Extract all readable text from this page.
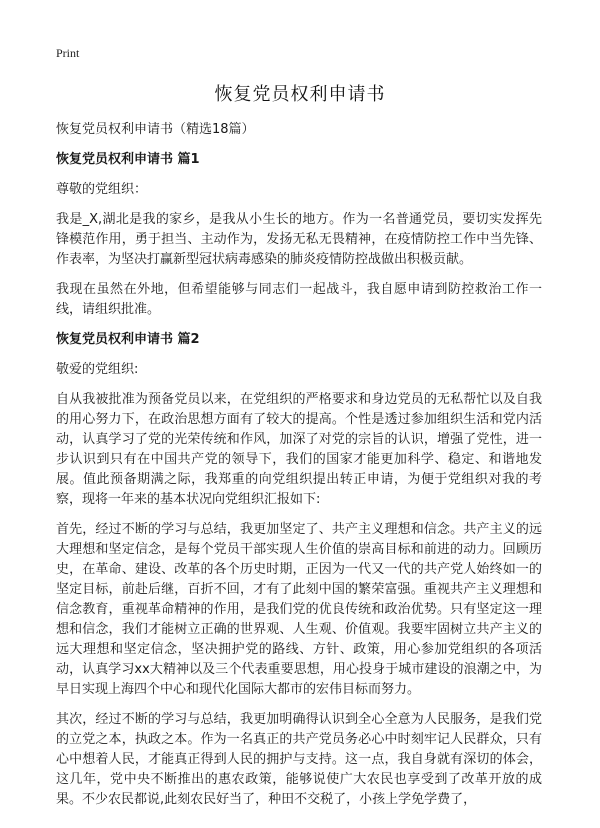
Print
恢复党员权利申请书

恢复党员权利申请书（精选18篇）

恢复党员权利申请书 篇1

尊敬的党组织：

我是_X,湖北是我的家乡，是我从小生长的地方。作为一名普通党员，要切实发挥先锋模范作用，勇于担当、主动作为，发扬无私无畏精神，在疫情防控工作中当先锋、作表率，为坚决打赢新型冠状病毒感染的肺炎疫情防控战做出积极贡献。

我现在虽然在外地，但希望能够与同志们一起战斗，我自愿申请到防控救治工作一线，请组织批准。

恢复党员权利申请书 篇2

敬爱的党组织:

自从我被批准为预备党员以来，在党组织的严格要求和身边党员的无私帮忙以及自我的用心努力下，在政治思想方面有了较大的提高。个性是透过参加组织生活和党内活动，认真学习了党的光荣传统和作风，加深了对党的宗旨的认识，增强了党性，进一步认识到只有在中国共产党的领导下，我们的国家才能更加科学、稳定、和谐地发展。值此预备期满之际，我郑重的向党组织提出转正申请，为便于党组织对我的考察，现将一年来的基本状况向党组织汇报如下:

首先，经过不断的学习与总结，我更加坚定了、共产主义理想和信念。共产主义的远大理想和坚定信念，是每个党员干部实现人生价值的崇高目标和前进的动力。回顾历史，在革命、建设、改革的各个历史时期，正因为一代又一代的共产党人始终如一的坚定目标，前赴后继，百折不回，才有了此刻中国的繁荣富强。重视共产主义理想和信念教育，重视革命精神的作用，是我们党的优良传统和政治优势。只有坚定这一理想和信念，我们才能树立正确的世界观、人生观、价值观。我要牢固树立共产主义的远大理想和坚定信念，坚决拥护党的路线、方针、政策，用心参加党组织的各项活动，认真学习xx大精神以及三个代表重要思想，用心投身于城市建设的浪潮之中，为早日实现上海四个中心和现代化国际大都市的宏伟目标而努力。

其次，经过不断的学习与总结，我更加明确得认识到全心全意为人民服务，是我们党的立党之本，执政之本。作为一名真正的共产党员务必心中时刻牢记人民群众，只有心中想着人民，才能真正得到人民的拥护与支持。这一点，我自身就有深切的体会，这几年，党中央不断推出的惠农政策，能够说使广大农民也享受到了改革开放的成果。不少农民都说,此刻农民好当了，种田不交税了，小孩上学免学费了，
